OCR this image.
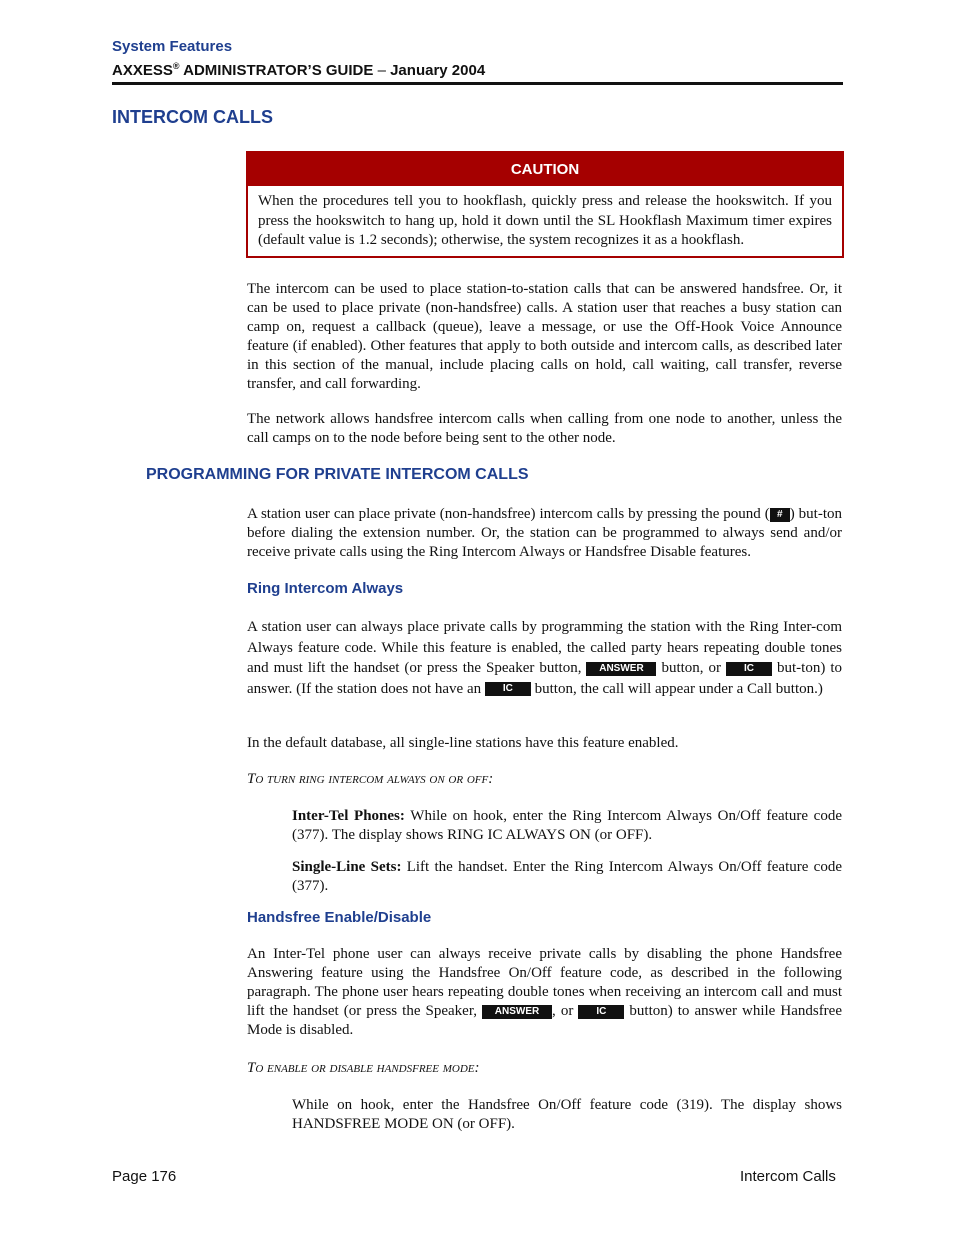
System Features
AXXESS® ADMINISTRATOR’S GUIDE – January 2004
INTERCOM CALLS
CAUTION
When the procedures tell you to hookflash, quickly press and release the hookswitch. If you press the hookswitch to hang up, hold it down until the SL Hookflash Maximum timer expires (default value is 1.2 seconds); otherwise, the system recognizes it as a hookflash.
The intercom can be used to place station-to-station calls that can be answered handsfree. Or, it can be used to place private (non-handsfree) calls. A station user that reaches a busy station can camp on, request a callback (queue), leave a message, or use the Off-Hook Voice Announce feature (if enabled). Other features that apply to both outside and intercom calls, as described later in this section of the manual, include placing calls on hold, call waiting, call transfer, reverse transfer, and call forwarding.
The network allows handsfree intercom calls when calling from one node to another, unless the call camps on to the node before being sent to the other node.
PROGRAMMING FOR PRIVATE INTERCOM CALLS
A station user can place private (non-handsfree) intercom calls by pressing the pound ( # ) but-ton before dialing the extension number. Or, the station can be programmed to always send and/or receive private calls using the Ring Intercom Always or Handsfree Disable features.
Ring Intercom Always
A station user can always place private calls by programming the station with the Ring Inter-com Always feature code. While this feature is enabled, the called party hears repeating double tones and must lift the handset (or press the Speaker button, ANSWER button, or IC but-ton) to answer. (If the station does not have an IC button, the call will appear under a Call button.)
In the default database, all single-line stations have this feature enabled.
To turn ring intercom always on or off:
Inter-Tel Phones: While on hook, enter the Ring Intercom Always On/Off feature code (377). The display shows RING IC ALWAYS ON (or OFF).
Single-Line Sets: Lift the handset. Enter the Ring Intercom Always On/Off feature code (377).
Handsfree Enable/Disable
An Inter-Tel phone user can always receive private calls by disabling the phone Handsfree Answering feature using the Handsfree On/Off feature code, as described in the following paragraph. The phone user hears repeating double tones when receiving an intercom call and must lift the handset (or press the Speaker, ANSWER , or IC button) to answer while Handsfree Mode is disabled.
To enable or disable handsfree mode:
While on hook, enter the Handsfree On/Off feature code (319). The display shows HANDSFREE MODE ON (or OFF).
Page 176	Intercom Calls
